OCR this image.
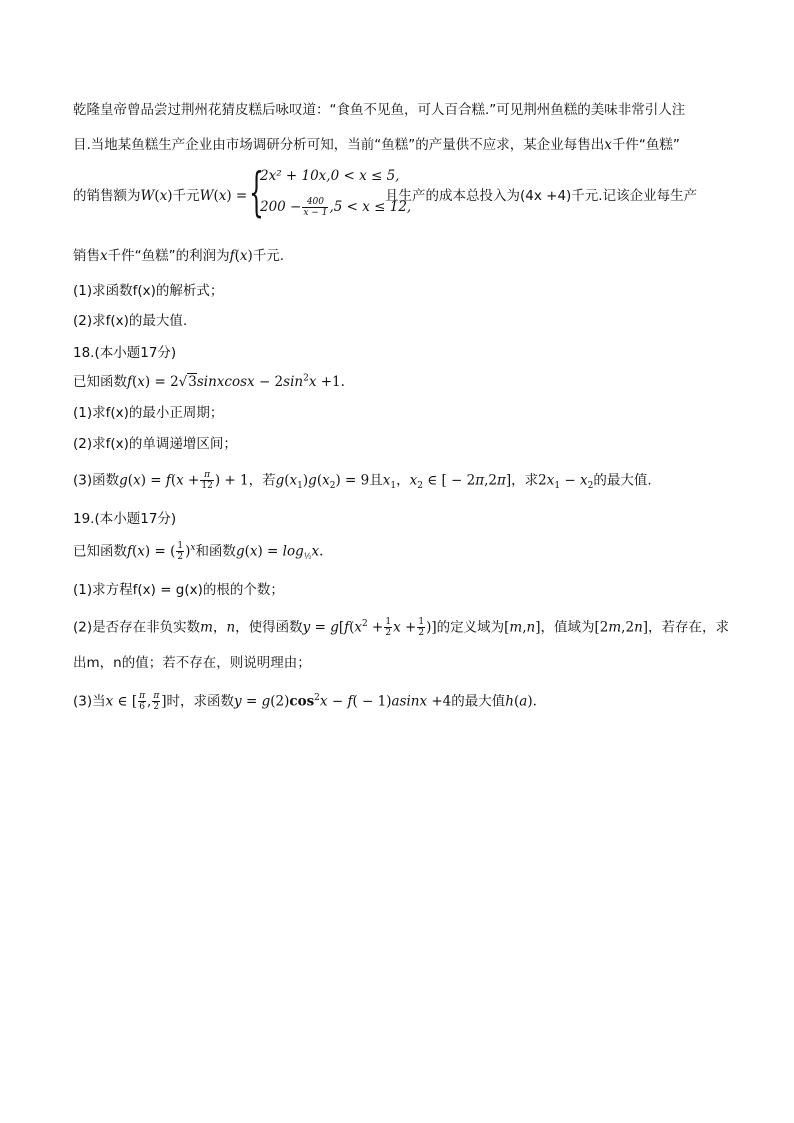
乾隆皇帝曾品尝过荆州花猜皮糕后咏叹道：“食鱼不见鱼，可人百合糕.”可见荆州鱼糕的美味非常引人注
目.当地某鱼糕生产企业由市场调研分析可知，当前“鱼糕”的产量供不应求，某企业每售出x千件“鱼糕”
的销售额为W(x)千元W(x) = {
2x² + 10x,0 < x ≤ 5,
$200 - \frac{400}{x - 1} ,5 < x \le 12$,
且生产的成本总投入为(4x +4)千元.记该企业每生产
销售x千件“鱼糕”的利润为f(x)千元.
(1)求函数f(x)的解析式；
(2)求f(x)的最大值.
18.(本小题17分)
已知函数f(x) = 2√3sinxcosx − $2\sin^2x +1$.
(1)求f(x)的最小正周期；
(2)求f(x)的单调递增区间；
(3)函数$g(x) = f(x + \frac{\pi}{12}$ ) + 1，若$g(x_1)g(x_2) = 9$且$x_1$，$x_2$ ∈ [ − 2π,2π]，求$2x_1 - x_2$的最大值.
19.(本小题17分)
已知函数f(x) = ( $\frac{1}{2} )^x$和函数$g(x) = \log_{\frac{1}{2}}x$.
(1)求方程f(x) = g(x)的根的个数；
(2)是否存在非负实数m，n，使得函数$y = g[f(x^2 + \frac{1}{2}$ $x + \frac{1}{2}$ )]的定义域为[m,n]，值域为[2m,2n]，若存在，求
出m，n的值；若不存在，则说明理由；
(3)当x ∈ [ $\frac{\pi}{6}$ , $\frac{\pi}{2}$ ]时，求函数$y = g(2)\cos^2x - f( - 1)asinx +4$的最大值h(a).
